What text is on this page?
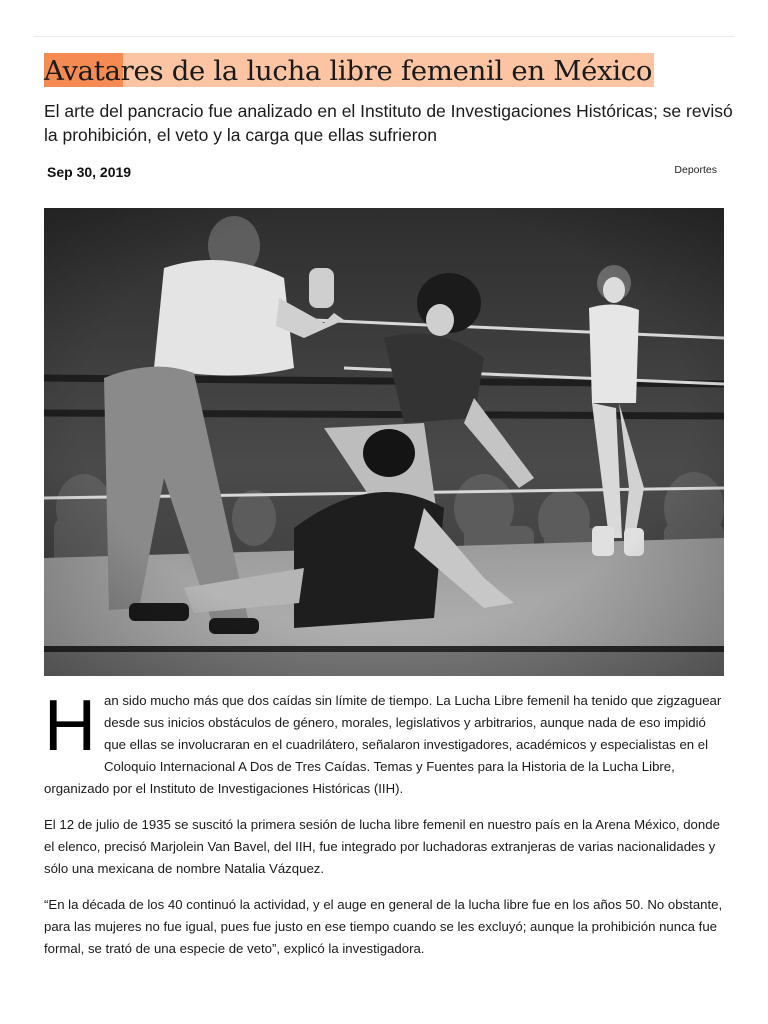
Avatares de la lucha libre femenil en México
El arte del pancracio fue analizado en el Instituto de Investigaciones Históricas; se revisó la prohibición, el veto y la carga que ellas sufrieron
Sep 30, 2019	Deportes

Han sido mucho más que dos caídas sin límite de tiempo. La Lucha Libre femenil ha tenido que zigzaguear desde sus inicios obstáculos de género, morales, legislativos y arbitrarios, aunque nada de eso impidió que ellas se involucraran en el cuadrilátero, señalaron investigadores, académicos y especialistas en el Coloquio Internacional A Dos de Tres Caídas. Temas y Fuentes para la Historia de la Lucha Libre, organizado por el Instituto de Investigaciones Históricas (IIH).

El 12 de julio de 1935 se suscitó la primera sesión de lucha libre femenil en nuestro país en la Arena México, donde el elenco, precisó Marjolein Van Bavel, del IIH, fue integrado por luchadoras extranjeras de varias nacionalidades y sólo una mexicana de nombre Natalia Vázquez.

“En la década de los 40 continuó la actividad, y el auge en general de la lucha libre fue en los años 50. No obstante, para las mujeres no fue igual, pues fue justo en ese tiempo cuando se les excluyó; aunque la prohibición nunca fue formal, se trató de una especie de veto”, explicó la investigadora.
